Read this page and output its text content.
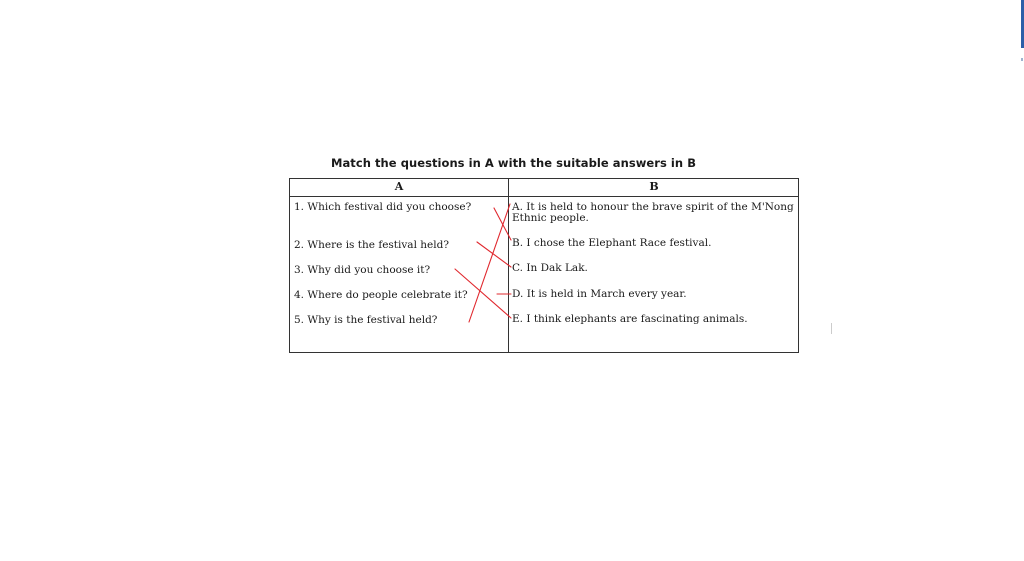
Match the questions in A with the suitable answers in B
A	B
1. Which festival did you choose?
2. Where is the festival held?
3. Why did you choose it?
4. Where do people celebrate it?
5. Why is the festival held?
A. It is held to honour the brave spirit of the M'Nong Ethnic people.
B. I chose the Elephant Race festival.
C. In Dak Lak.
D. It is held in March every year.
E. I think elephants are fascinating animals.
